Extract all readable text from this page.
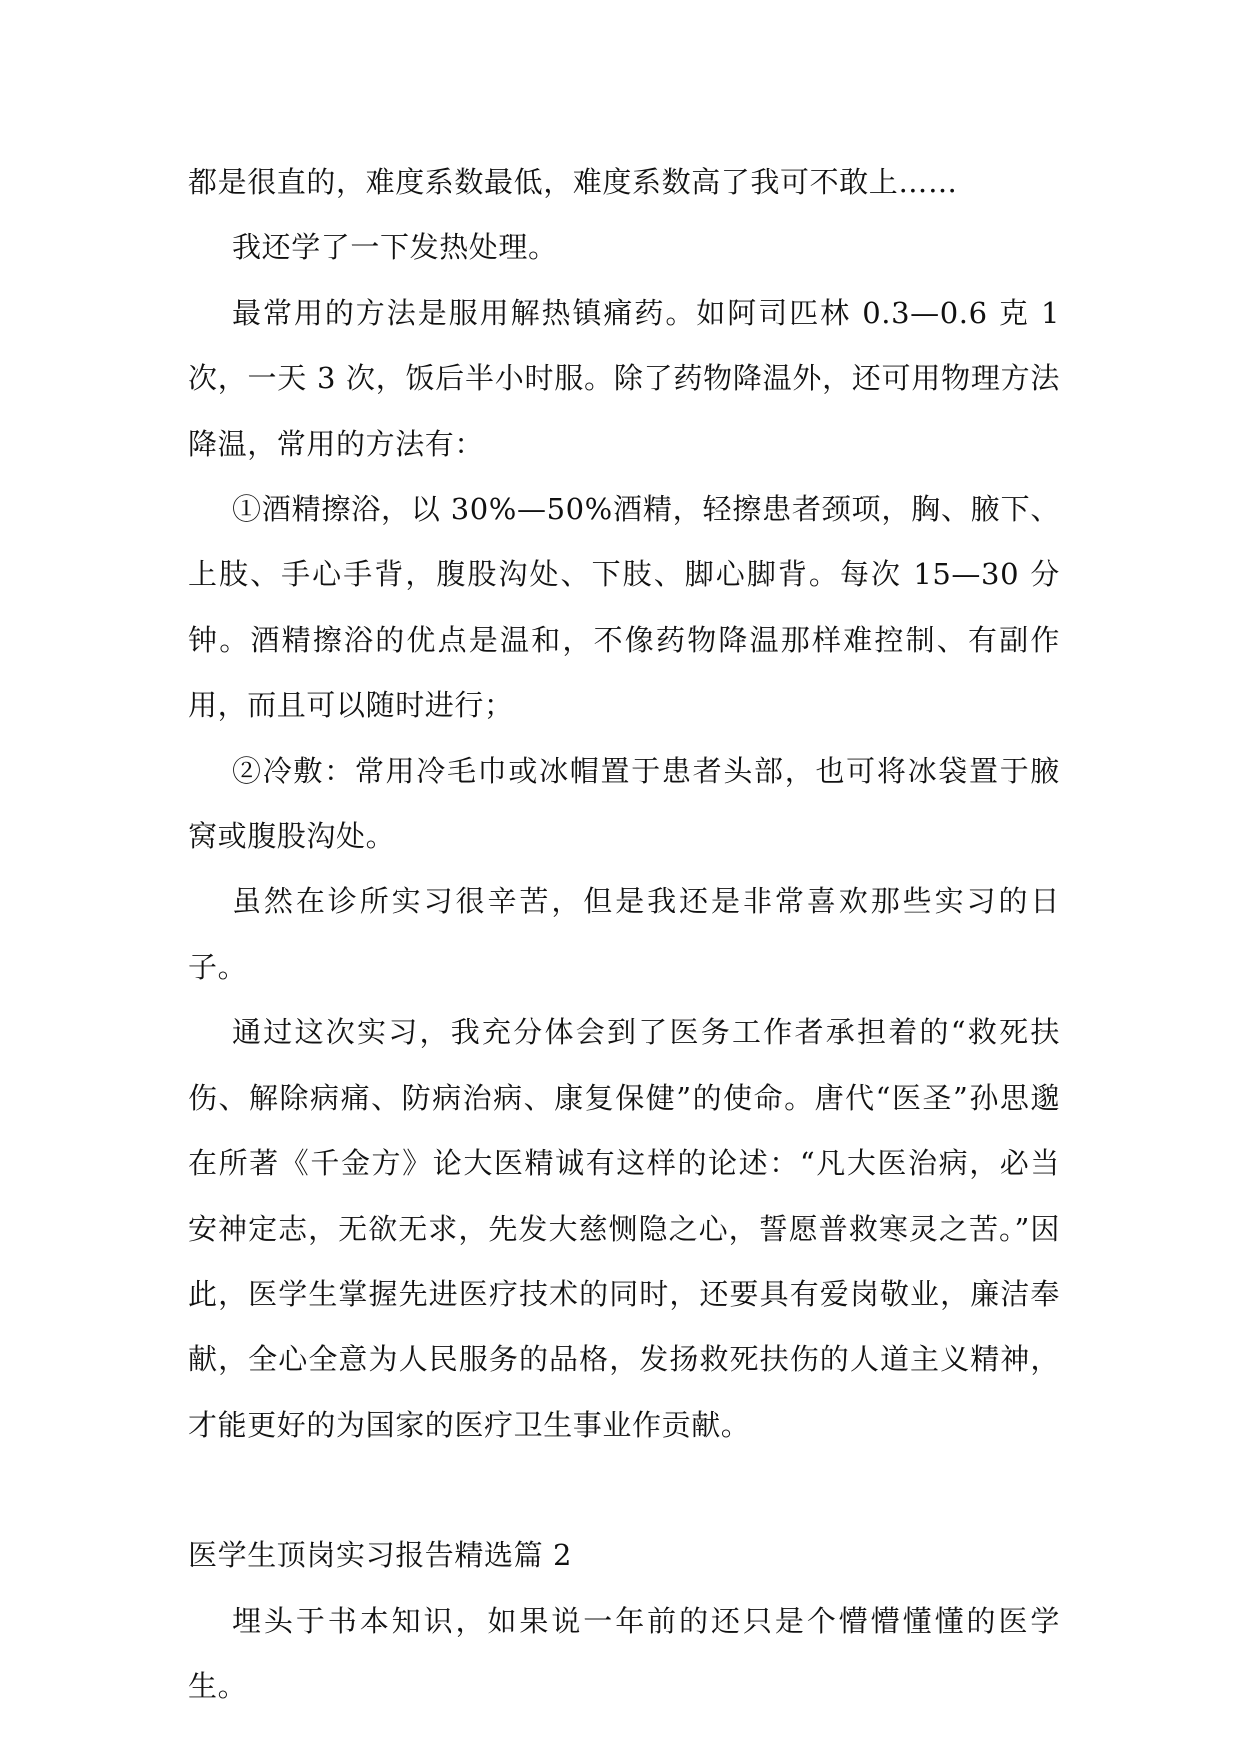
都是很直的，难度系数最低，难度系数高了我可不敢上……

我还学了一下发热处理。

最常用的方法是服用解热镇痛药。如阿司匹林 0.3—0.6 克 1 次，一天 3 次，饭后半小时服。除了药物降温外，还可用物理方法降温，常用的方法有：

①酒精擦浴，以 30%—50%酒精，轻擦患者颈项，胸、腋下、上肢、手心手背，腹股沟处、下肢、脚心脚背。每次 15—30 分钟。酒精擦浴的优点是温和，不像药物降温那样难控制、有副作用，而且可以随时进行；

②冷敷：常用冷毛巾或冰帽置于患者头部，也可将冰袋置于腋窝或腹股沟处。

虽然在诊所实习很辛苦，但是我还是非常喜欢那些实习的日子。

通过这次实习，我充分体会到了医务工作者承担着的“救死扶伤、解除病痛、防病治病、康复保健”的使命。唐代“医圣”孙思邈在所著《千金方》论大医精诚有这样的论述：“凡大医治病，必当安神定志，无欲无求，先发大慈恻隐之心，誓愿普救寒灵之苦。”因此，医学生掌握先进医疗技术的同时，还要具有爱岗敬业，廉洁奉献，全心全意为人民服务的品格，发扬救死扶伤的人道主义精神，才能更好的为国家的医疗卫生事业作贡献。

医学生顶岗实习报告精选篇 2

埋头于书本知识，如果说一年前的还只是个懵懵懂懂的医学生。
